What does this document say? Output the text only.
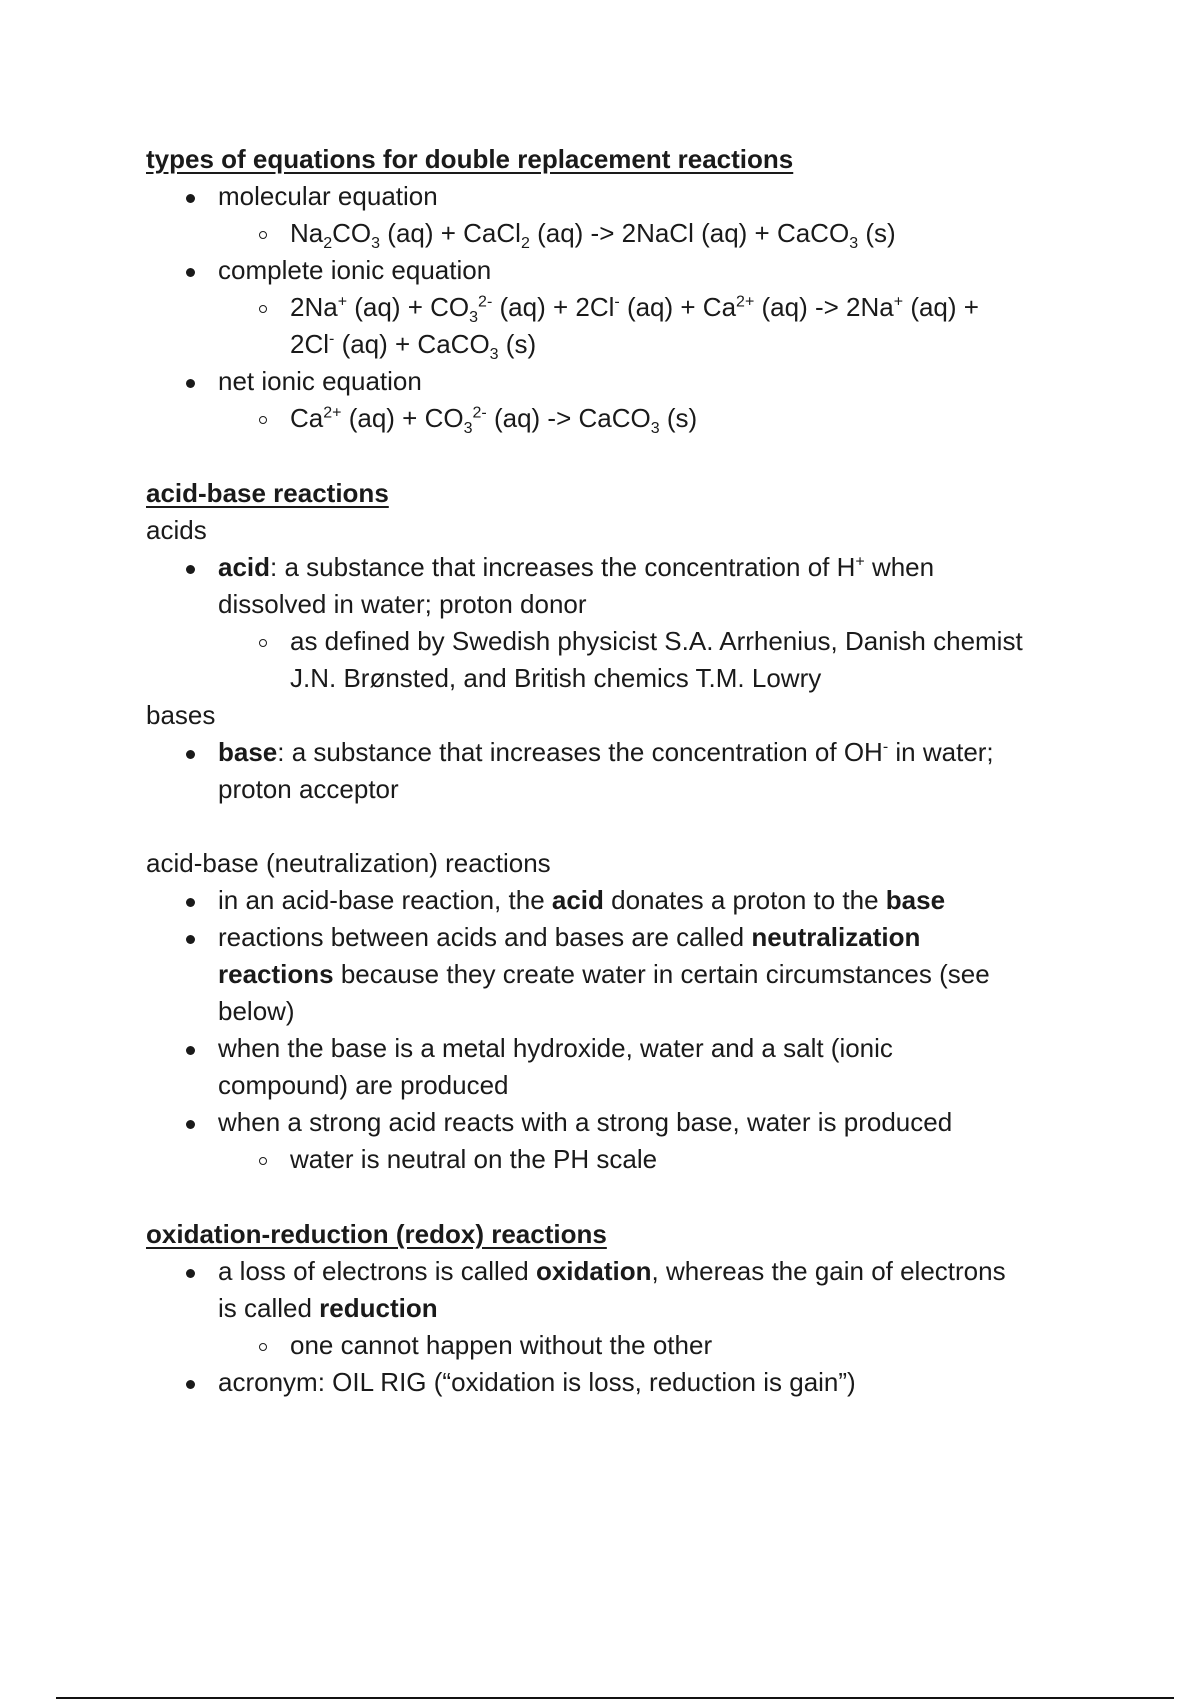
types of equations for double replacement reactions
molecular equation
$Na_2CO_3$ (aq) + CaCl$_2$ (aq) -> 2NaCl (aq) + CaCO$_3$ (s)
complete ionic equation
2Na+ $(aq) + CO_3^{2-}$ (aq) + 2Cl- $(aq) + Ca^{2+}$ (aq) -> 2Na+ (aq) +
2Cl- (aq) + CaCO$_3$ (s)
net ionic equation
$Ca^{2+}$ $(aq) + CO_3^{2-}$ (aq) -> CaCO$_3$ (s)
acid-base reactions
acids
acid: a substance that increases the concentration of H+ when
dissolved in water; proton donor
as defined by Swedish physicist S.A. Arrhenius, Danish chemist
J.N. Brønsted, and British chemics T.M. Lowry
bases
base: a substance that increases the concentration of OH- in water;
proton acceptor
acid-base (neutralization) reactions
in an acid-base reaction, the acid donates a proton to the base
reactions between acids and bases are called neutralization
reactions because they create water in certain circumstances (see
below)
when the base is a metal hydroxide, water and a salt (ionic
compound) are produced
when a strong acid reacts with a strong base, water is produced
water is neutral on the PH scale
oxidation-reduction (redox) reactions
a loss of electrons is called oxidation, whereas the gain of electrons
is called reduction
one cannot happen without the other
acronym: OIL RIG (“oxidation is loss, reduction is gain”)
